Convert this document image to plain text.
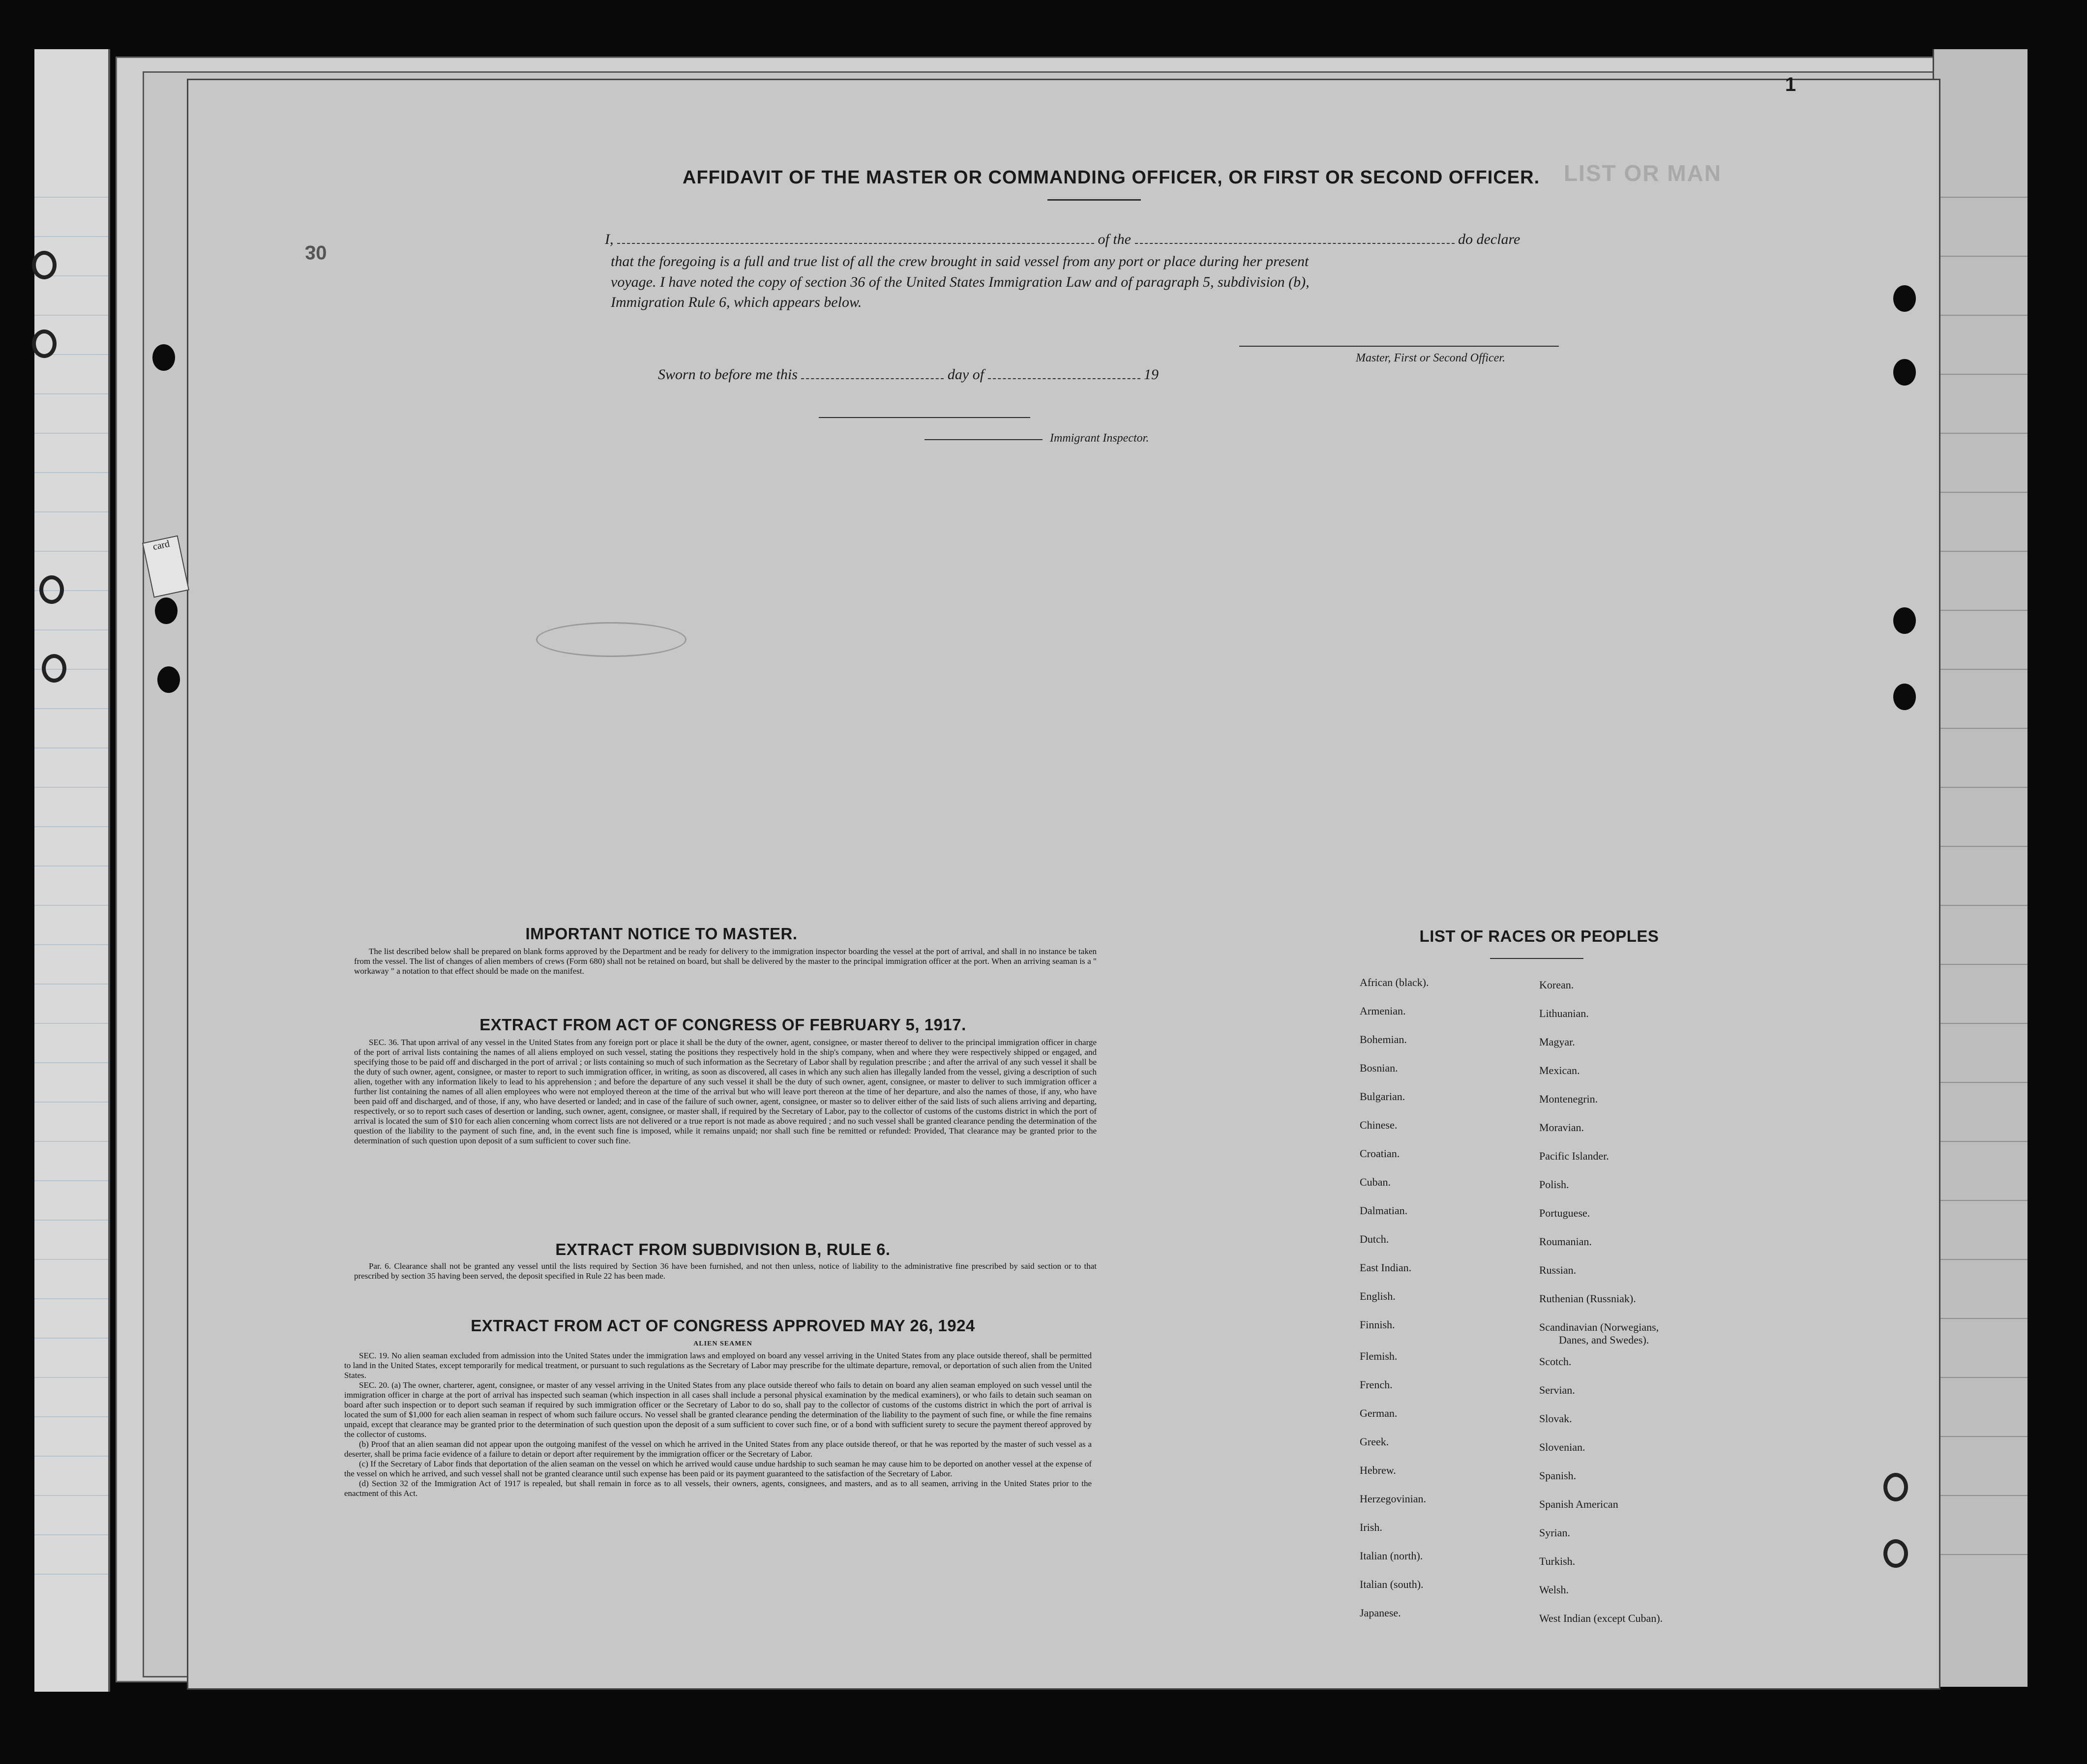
LIST OR MAN
1
30
card
AFFIDAVIT OF THE MASTER OR COMMANDING OFFICER, OR FIRST OR SECOND OFFICER.
I,	of the	do declare
that the foregoing is a full and true list of all the crew brought in said vessel from any port or place during her present
voyage. I have noted the copy of section 36 of the United States Immigration Law and of paragraph 5, subdivision (b),
Immigration Rule 6, which appears below.
Master, First or Second Officer.
Sworn to before me this	day of	19
Immigrant Inspector.
IMPORTANT NOTICE TO MASTER.

The list described below shall be prepared on blank forms approved by the Department and be ready for delivery to the immigration inspector boarding the vessel at the port of arrival, and shall in no instance be taken from the vessel. The list of changes of alien members of crews (Form 680) shall not be retained on board, but shall be delivered by the master to the principal immigration officer at the port. When an arriving seaman is a " workaway " a notation to that effect should be made on the manifest.

EXTRACT FROM ACT OF CONGRESS OF FEBRUARY 5, 1917.

SEC. 36. That upon arrival of any vessel in the United States from any foreign port or place it shall be the duty of the owner, agent, consignee, or master thereof to deliver to the principal immigration officer in charge of the port of arrival lists containing the names of all aliens employed on such vessel, stating the positions they respectively hold in the ship's company, when and where they were respectively shipped or engaged, and specifying those to be paid off and discharged in the port of arrival ; or lists containing so much of such information as the Secretary of Labor shall by regulation prescribe ; and after the arrival of any such vessel it shall be the duty of such owner, agent, consignee, or master to report to such immigration officer, in writing, as soon as discovered, all cases in which any such alien has illegally landed from the vessel, giving a description of such alien, together with any information likely to lead to his apprehension ; and before the departure of any such vessel it shall be the duty of such owner, agent, consignee, or master to deliver to such immigration officer a further list containing the names of all alien employees who were not employed thereon at the time of the arrival but who will leave port thereon at the time of her departure, and also the names of those, if any, who have been paid off and discharged, and of those, if any, who have deserted or landed; and in case of the failure of such owner, agent, consignee, or master so to deliver either of the said lists of such aliens arriving and departing, respectively, or so to report such cases of desertion or landing, such owner, agent, consignee, or master shall, if required by the Secretary of Labor, pay to the collector of customs of the customs district in which the port of arrival is located the sum of $10 for each alien concerning whom correct lists are not delivered or a true report is not made as above required ; and no such vessel shall be granted clearance pending the determination of the question of the liability to the payment of such fine, and, in the event such fine is imposed, while it remains unpaid; nor shall such fine be remitted or refunded: Provided, That clearance may be granted prior to the determination of such question upon deposit of a sum sufficient to cover such fine.

EXTRACT FROM SUBDIVISION B, RULE 6.

Par. 6. Clearance shall not be granted any vessel until the lists required by Section 36 have been furnished, and not then unless, notice of liability to the administrative fine prescribed by said section or to that prescribed by section 35 having been served, the deposit specified in Rule 22 has been made.

EXTRACT FROM ACT OF CONGRESS APPROVED MAY 26, 1924
ALIEN SEAMEN

SEC. 19. No alien seaman excluded from admission into the United States under the immigration laws and employed on board any vessel arriving in the United States from any place outside thereof, shall be permitted to land in the United States, except temporarily for medical treatment, or pursuant to such regulations as the Secretary of Labor may prescribe for the ultimate departure, removal, or deportation of such alien from the United States.

SEC. 20. (a) The owner, charterer, agent, consignee, or master of any vessel arriving in the United States from any place outside thereof who fails to detain on board any alien seaman employed on such vessel until the immigration officer in charge at the port of arrival has inspected such seaman (which inspection in all cases shall include a personal physical examination by the medical examiners), or who fails to detain such seaman on board after such inspection or to deport such seaman if required by such immigration officer or the Secretary of Labor to do so, shall pay to the collector of customs of the customs district in which the port of arrival is located the sum of $1,000 for each alien seaman in respect of whom such failure occurs. No vessel shall be granted clearance pending the determination of the liability to the payment of such fine, or while the fine remains unpaid, except that clearance may be granted prior to the determination of such question upon the deposit of a sum sufficient to cover such fine, or of a bond with sufficient surety to secure the payment thereof approved by the collector of customs.

(b) Proof that an alien seaman did not appear upon the outgoing manifest of the vessel on which he arrived in the United States from any place outside thereof, or that he was reported by the master of such vessel as a deserter, shall be prima facie evidence of a failure to detain or deport after requirement by the immigration officer or the Secretary of Labor.

(c) If the Secretary of Labor finds that deportation of the alien seaman on the vessel on which he arrived would cause undue hardship to such seaman he may cause him to be deported on another vessel at the expense of the vessel on which he arrived, and such vessel shall not be granted clearance until such expense has been paid or its payment guaranteed to the satisfaction of the Secretary of Labor.

(d) Section 32 of the Immigration Act of 1917 is repealed, but shall remain in force as to all vessels, their owners, agents, consignees, and masters, and as to all seamen, arriving in the United States prior to the enactment of this Act.

LIST OF RACES OR PEOPLES
African (black).
Armenian.
Bohemian.
Bosnian.
Bulgarian.
Chinese.
Croatian.
Cuban.
Dalmatian.
Dutch.
East Indian.
English.
Finnish.
Flemish.
French.
German.
Greek.
Hebrew.
Herzegovinian.
Irish.
Italian (north).
Italian (south).
Japanese.
Korean.
Lithuanian.
Magyar.
Mexican.
Montenegrin.
Moravian.
Pacific Islander.
Polish.
Portuguese.
Roumanian.
Russian.
Ruthenian (Russniak).
Scandinavian (Norwegians,
Danes, and Swedes).
Scotch.
Servian.
Slovak.
Slovenian.
Spanish.
Spanish American
Syrian.
Turkish.
Welsh.
West Indian (except Cuban).
